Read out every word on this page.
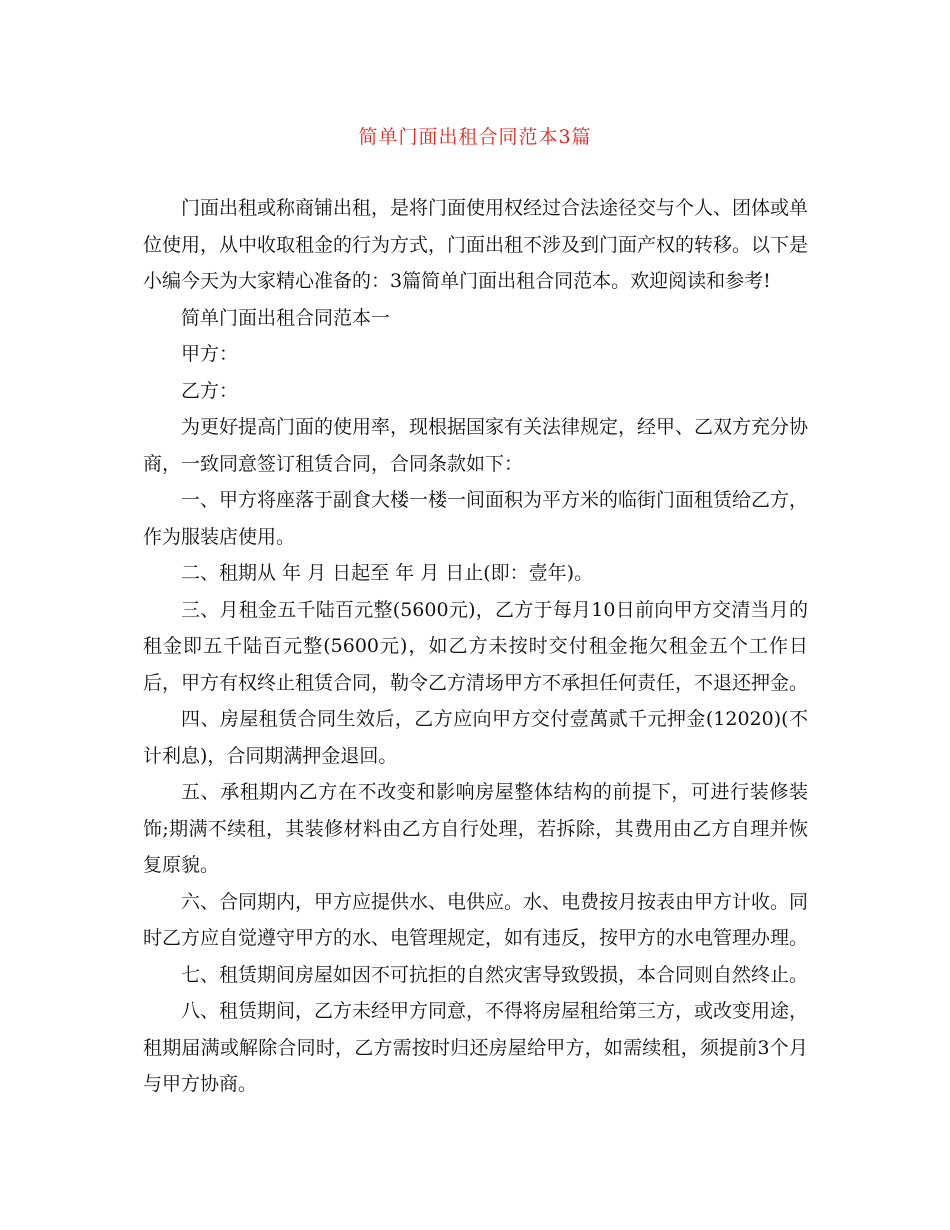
简单门面出租合同范本3篇

门面出租或称商铺出租，是将门面使用权经过合法途径交与个人、团体或单位使用，从中收取租金的行为方式，门面出租不涉及到门面产权的转移。以下是小编今天为大家精心准备的：3篇简单门面出租合同范本。欢迎阅读和参考!

简单门面出租合同范本一

甲方：

乙方：

为更好提高门面的使用率，现根据国家有关法律规定，经甲、乙双方充分协商，一致同意签订租赁合同，合同条款如下：

一、甲方将座落于副食大楼一楼一间面积为平方米的临街门面租赁给乙方，作为服装店使用。

二、租期从 年 月 日起至 年 月 日止(即：壹年)。

三、月租金五千陆百元整(5600元)，乙方于每月10日前向甲方交清当月的租金即五千陆百元整(5600元)，如乙方未按时交付租金拖欠租金五个工作日后，甲方有权终止租赁合同，勒令乙方清场甲方不承担任何责任，不退还押金。

四、房屋租赁合同生效后，乙方应向甲方交付壹萬贰千元押金(12020)(不计利息)，合同期满押金退回。

五、承租期内乙方在不改变和影响房屋整体结构的前提下，可进行装修装饰;期满不续租，其装修材料由乙方自行处理，若拆除，其费用由乙方自理并恢复原貌。

六、合同期内，甲方应提供水、电供应。水、电费按月按表由甲方计收。同时乙方应自觉遵守甲方的水、电管理规定，如有违反，按甲方的水电管理办理。

七、租赁期间房屋如因不可抗拒的自然灾害导致毁损，本合同则自然终止。

八、租赁期间，乙方未经甲方同意，不得将房屋租给第三方，或改变用途，租期届满或解除合同时，乙方需按时归还房屋给甲方，如需续租，须提前3个月与甲方协商。
